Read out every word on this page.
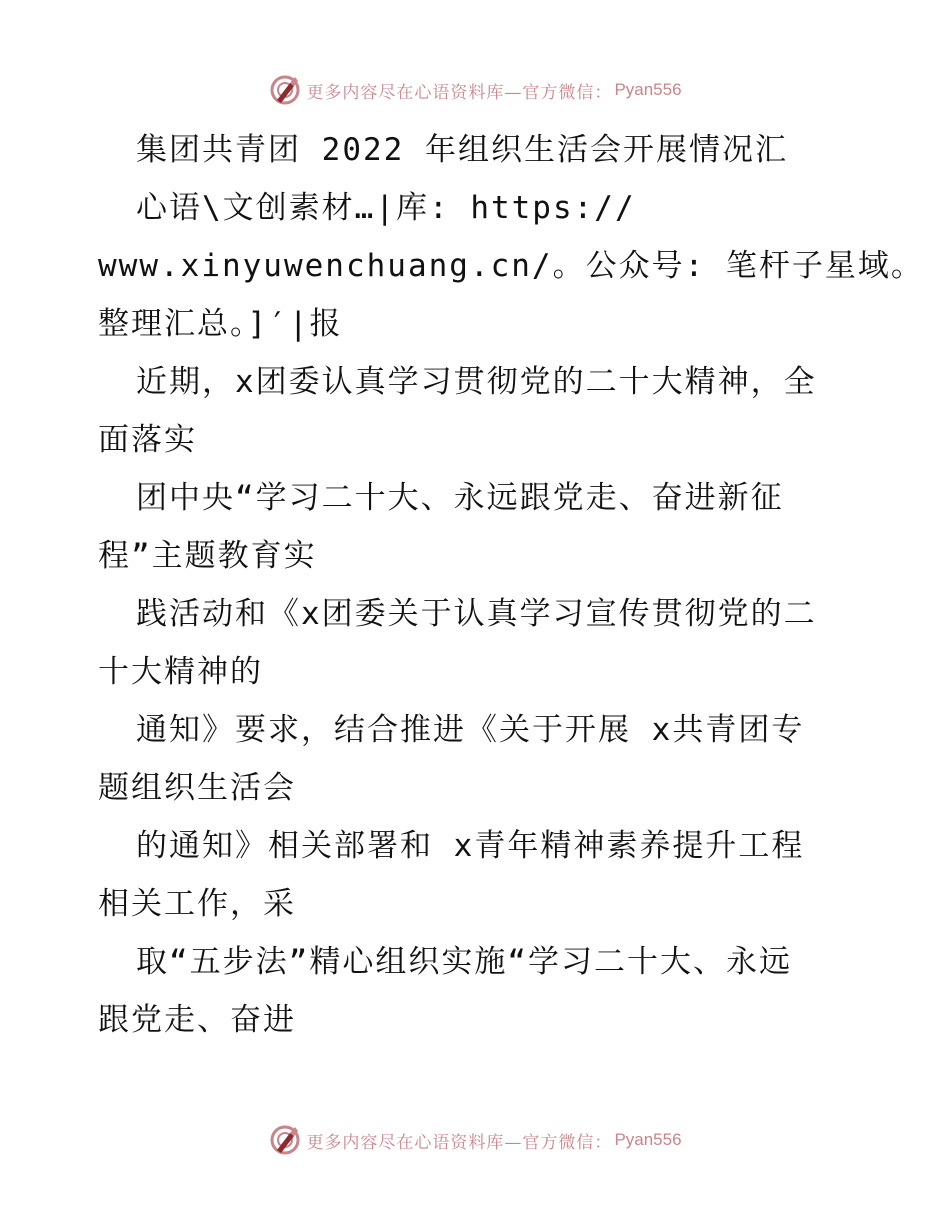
更多内容尽在心语资料库—官方微信： Pyan556
集团共青团 2022 年组织生活会开展情况汇
心语\文创素材…|库: https://
www.xinyuwenchuang.cn/。公众号: 笔杆子星域。
整理汇总。]′|报
近期，x团委认真学习贯彻党的二十大精神，全
面落实
团中央“学习二十大、永远跟党走、奋进新征
程”主题教育实
践活动和《x团委关于认真学习宣传贯彻党的二
十大精神的
通知》要求，结合推进《关于开展 x共青团专
题组织生活会
的通知》相关部署和 x青年精神素养提升工程
相关工作，采
取“五步法”精心组织实施“学习二十大、永远
跟党走、奋进
更多内容尽在心语资料库—官方微信： Pyan556
